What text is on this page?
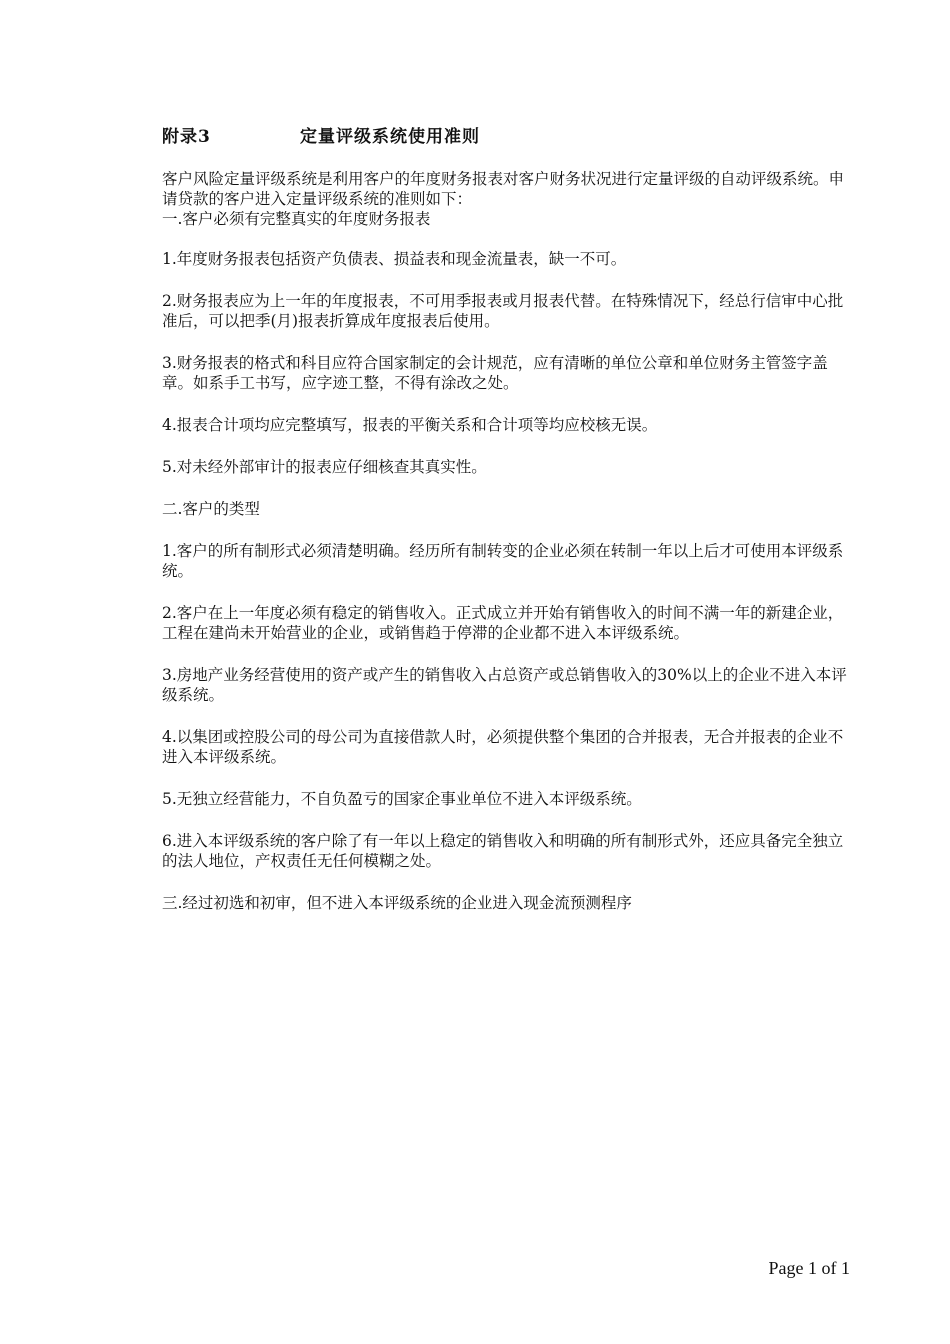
附录3	定量评级系统使用准则

客户风险定量评级系统是利用客户的年度财务报表对客户财务状况进行定量评级的自动评级系统。申请贷款的客户进入定量评级系统的准则如下：

一.客户必须有完整真实的年度财务报表

1.年度财务报表包括资产负债表、损益表和现金流量表，缺一不可。

2.财务报表应为上一年的年度报表，不可用季报表或月报表代替。在特殊情况下，经总行信审中心批准后，可以把季(月)报表折算成年度报表后使用。

3.财务报表的格式和科目应符合国家制定的会计规范，应有清晰的单位公章和单位财务主管签字盖章。如系手工书写，应字迹工整，不得有涂改之处。

4.报表合计项均应完整填写，报表的平衡关系和合计项等均应校核无误。

5.对未经外部审计的报表应仔细核查其真实性。

二.客户的类型

1.客户的所有制形式必须清楚明确。经历所有制转变的企业必须在转制一年以上后才可使用本评级系统。

2.客户在上一年度必须有稳定的销售收入。正式成立并开始有销售收入的时间不满一年的新建企业，工程在建尚未开始营业的企业，或销售趋于停滞的企业都不进入本评级系统。

3.房地产业务经营使用的资产或产生的销售收入占总资产或总销售收入的30%以上的企业不进入本评级系统。

4.以集团或控股公司的母公司为直接借款人时，必须提供整个集团的合并报表，无合并报表的企业不进入本评级系统。

5.无独立经营能力，不自负盈亏的国家企事业单位不进入本评级系统。

6.进入本评级系统的客户除了有一年以上稳定的销售收入和明确的所有制形式外，还应具备完全独立的法人地位，产权责任无任何模糊之处。

三.经过初选和初审，但不进入本评级系统的企业进入现金流预测程序

Page 1 of 1
